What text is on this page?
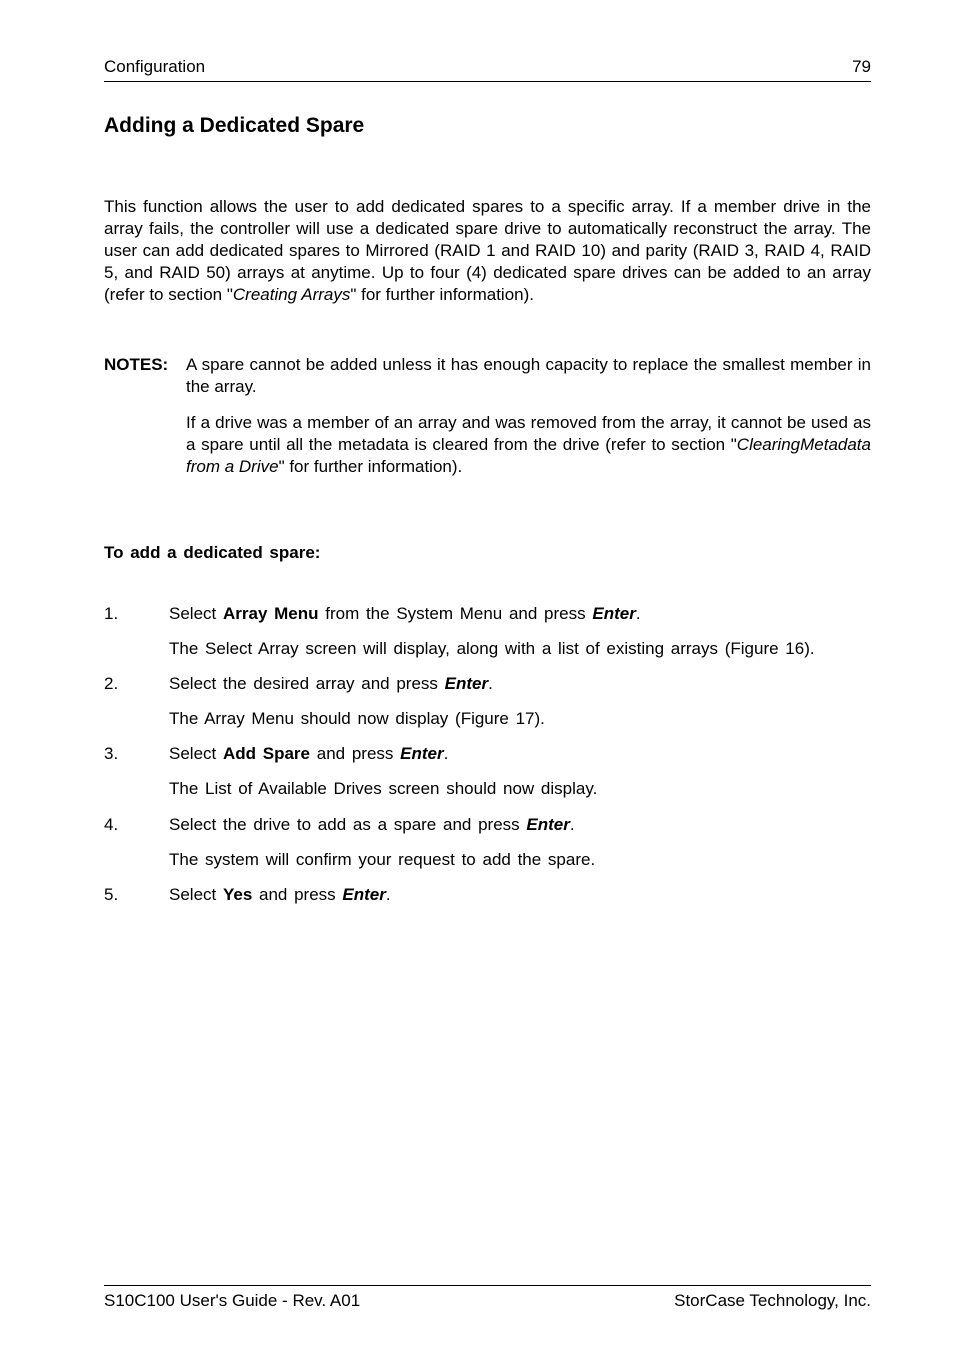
Configuration	79
Adding a Dedicated Spare
This function allows the user to add dedicated spares to a specific array. If a member drive in the array fails, the controller will use a dedicated spare drive to automatically reconstruct the array. The user can add dedicated spares to Mirrored (RAID 1 and RAID 10) and parity (RAID 3, RAID 4, RAID 5, and RAID 50) arrays at anytime. Up to four (4) dedicated spare drives can be added to an array (refer to section "Creating Arrays" for further information).
NOTES: A spare cannot be added unless it has enough capacity to replace the smallest member in the array.
If a drive was a member of an array and was removed from the array, it cannot be used as a spare until all the metadata is cleared from the drive (refer to section "ClearingMetadata from a Drive" for further information).
To add a dedicated spare:
1.	Select Array Menu from the System Menu and press Enter.
The Select Array screen will display, along with a list of existing arrays (Figure 16).
2.	Select the desired array and press Enter.
The Array Menu should now display (Figure 17).
3.	Select Add Spare and press Enter.
The List of Available Drives screen should now display.
4.	Select the drive to add as a spare and press Enter.
The system will confirm your request to add the spare.
5.	Select Yes and press Enter.
S10C100 User's Guide - Rev. A01	StorCase Technology, Inc.
